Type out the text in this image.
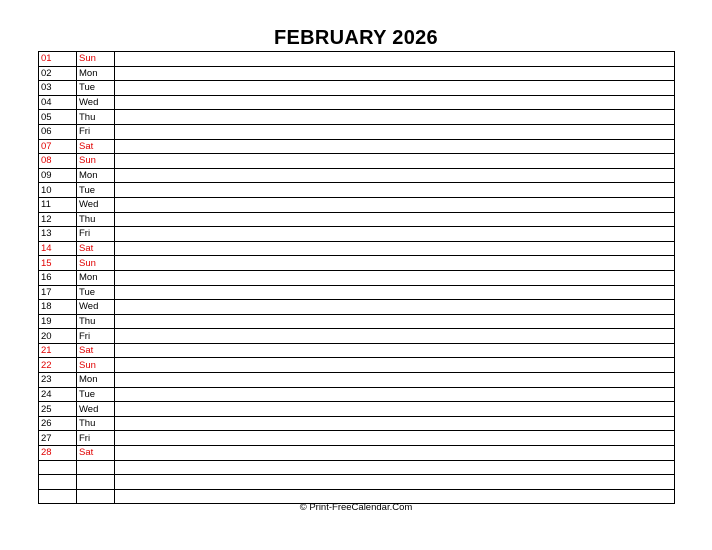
FEBRUARY 2026
01	Sun	
02	Mon	
03	Tue	
04	Wed	
05	Thu	
06	Fri	
07	Sat	
08	Sun	
09	Mon	
10	Tue	
11	Wed	
12	Thu	
13	Fri	
14	Sat	
15	Sun	
16	Mon	
17	Tue	
18	Wed	
19	Thu	
20	Fri	
21	Sat	
22	Sun	
23	Mon	
24	Tue	
25	Wed	
26	Thu	
27	Fri	
28	Sat	

© Print-FreeCalendar.Com
